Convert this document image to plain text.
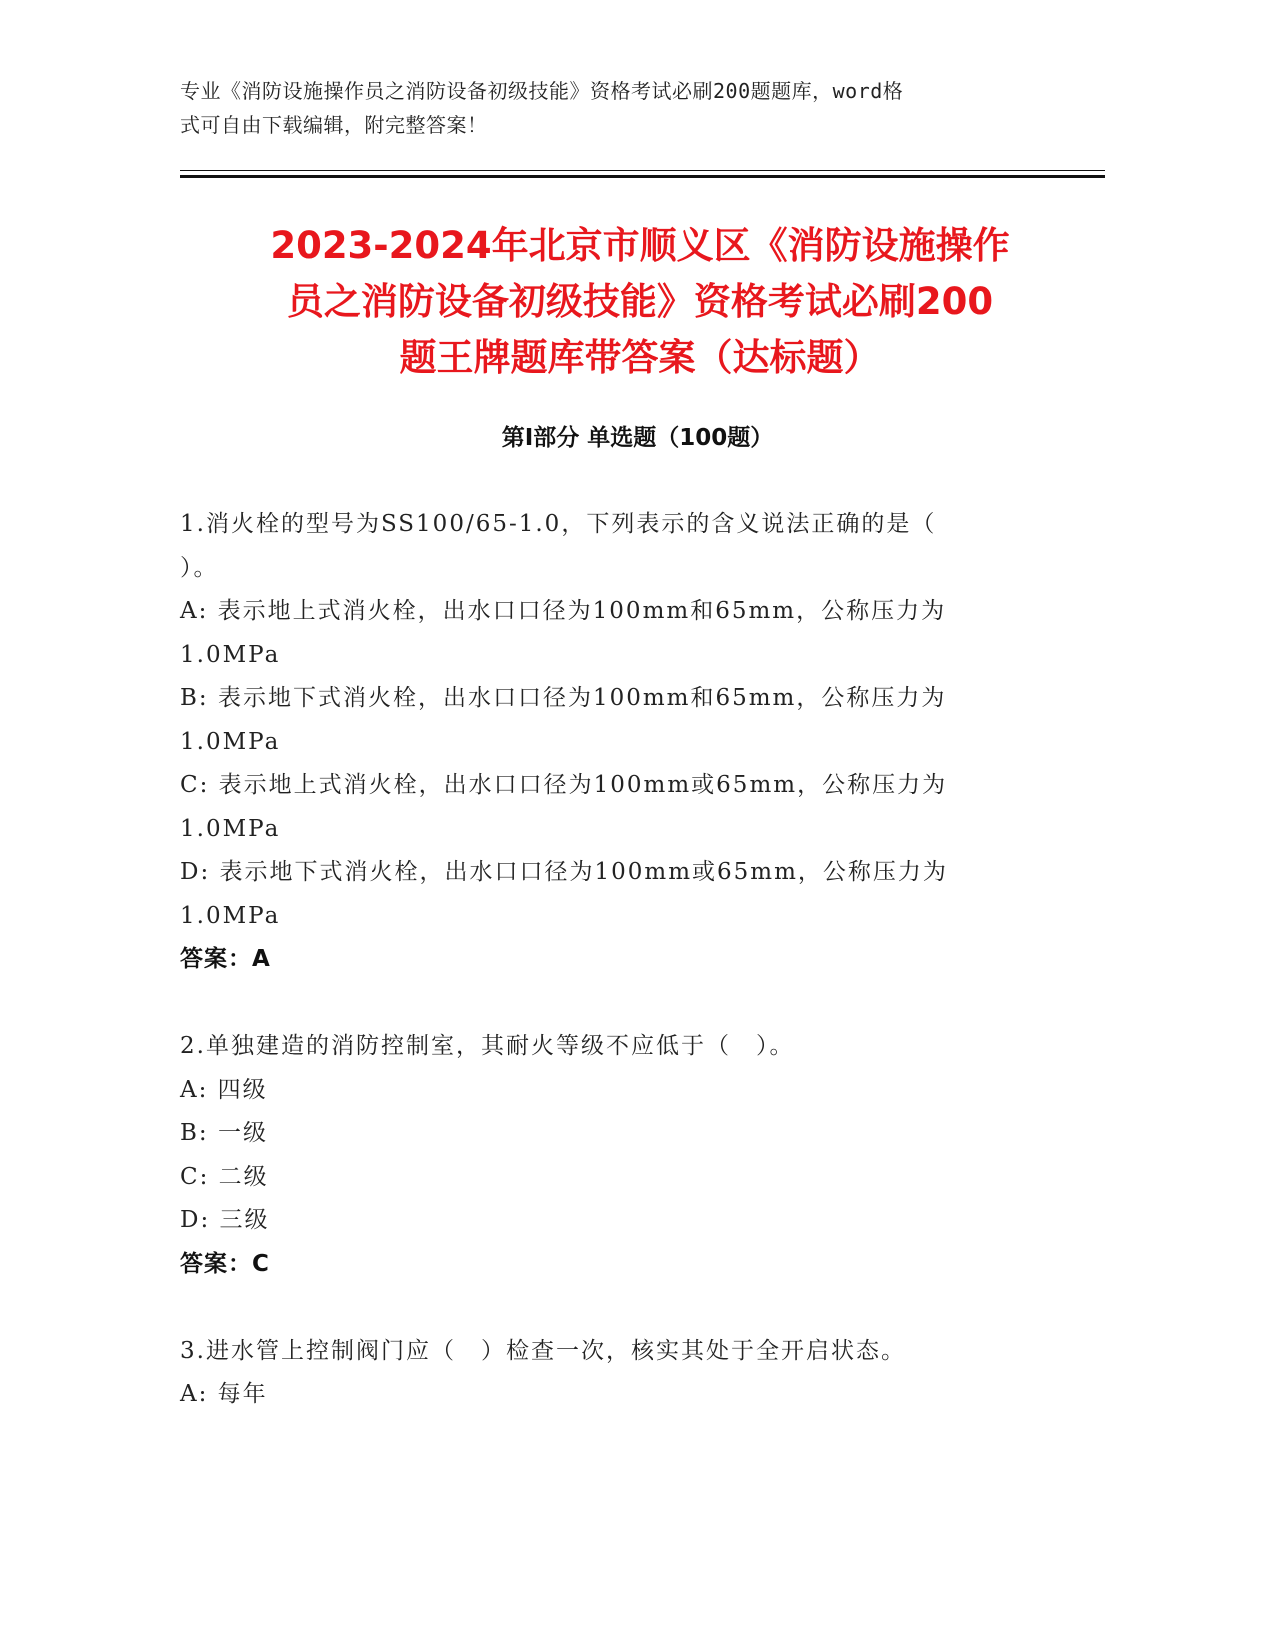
专业《消防设施操作员之消防设备初级技能》资格考试必刷200题题库，word格
式可自由下载编辑，附完整答案！
2023-2024年北京市顺义区《消防设施操作
员之消防设备初级技能》资格考试必刷200
题王牌题库带答案（达标题）
第Ⅰ部分 单选题（100题）
1.消火栓的型号为SS100/65-1.0，下列表示的含义说法正确的是（
）。
A: 表示地上式消火栓，出水口口径为100mm和65mm，公称压力为
1.0MPa
B: 表示地下式消火栓，出水口口径为100mm和65mm，公称压力为
1.0MPa
C: 表示地上式消火栓，出水口口径为100mm或65mm，公称压力为
1.0MPa
D: 表示地下式消火栓，出水口口径为100mm或65mm，公称压力为
1.0MPa
答案：A
2.单独建造的消防控制室，其耐火等级不应低于（　）。
A: 四级
B: 一级
C: 二级
D: 三级
答案：C
3.进水管上控制阀门应（　）检查一次，核实其处于全开启状态。
A: 每年
